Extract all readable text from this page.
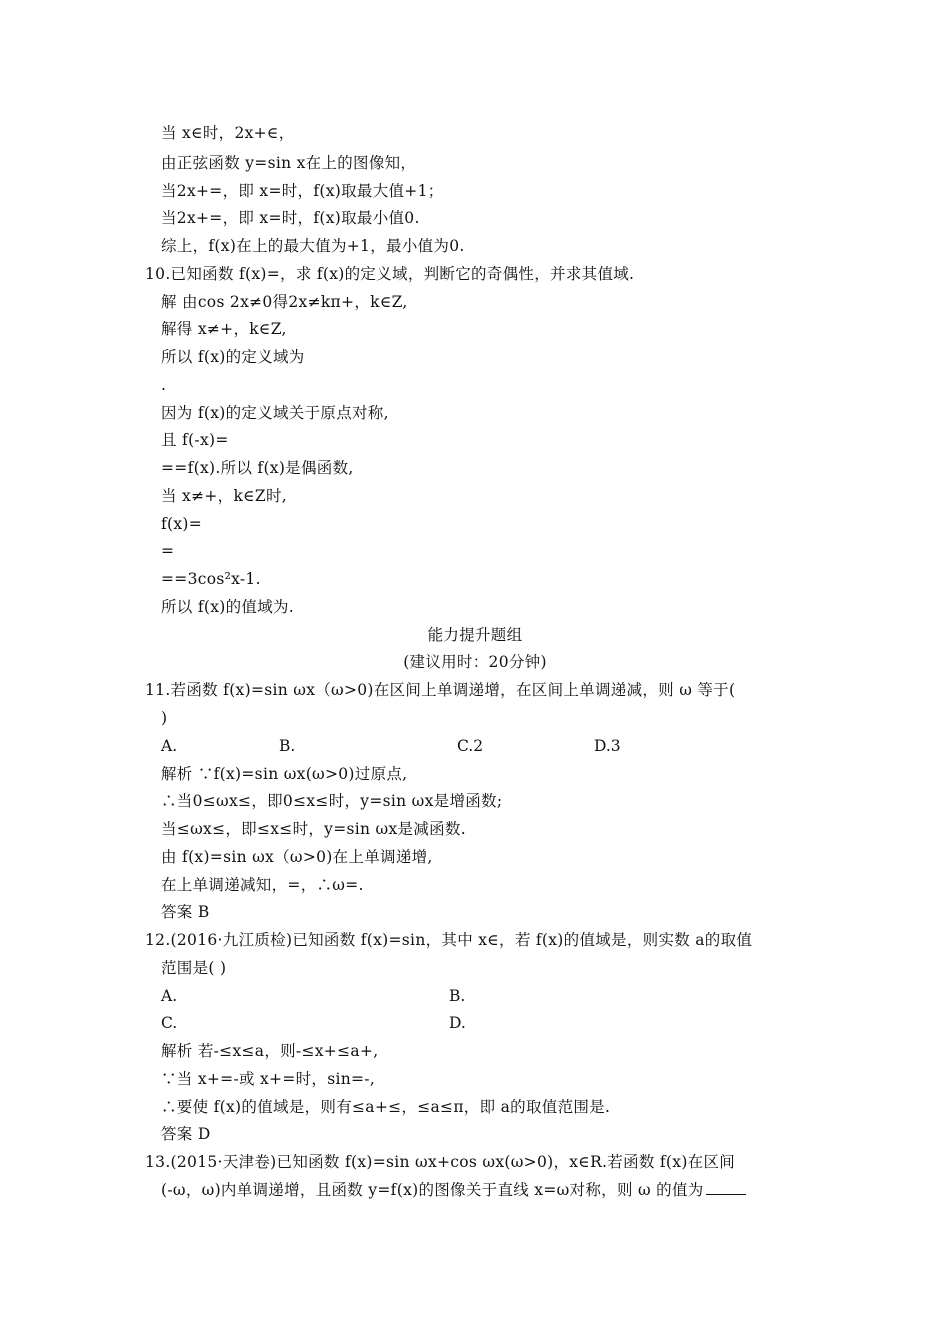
当 x∈时，2x+∈，
由正弦函数 y=sin x在上的图像知，
当2x+=，即 x=时，f(x)取最大值+1；
当2x+=，即 x=时，f(x)取最小值0.
综上，f(x)在上的最大值为+1，最小值为0.
10.已知函数 f(x)=，求 f(x)的定义域，判断它的奇偶性，并求其值域.
解 由cos 2x≠0得2x≠kπ+，k∈Z,
解得 x≠+，k∈Z,
所以 f(x)的定义域为
.
因为 f(x)的定义域关于原点对称,
且 f(-x)=
==f(x).所以 f(x)是偶函数,
当 x≠+，k∈Z时,
f(x)=
=
==3cos²x-1.
所以 f(x)的值域为.
能力提升题组
(建议用时：20分钟)
11.若函数 f(x)=sin ωx（ω>0)在区间上单调递增，在区间上单调递减，则 ω 等于(
)
A.	B.	C.2	D.3
解析 ∵f(x)=sin ωx(ω>0)过原点,
∴当0≤ωx≤，即0≤x≤时，y=sin ωx是增函数;
当≤ωx≤，即≤x≤时，y=sin ωx是减函数.
由 f(x)=sin ωx（ω>0)在上单调递增,
在上单调递减知，=，∴ω=.
答案 B
12.(2016·九江质检)已知函数 f(x)=sin，其中 x∈，若 f(x)的值域是，则实数 a的取值
范围是( )
A.	B.
C.	D.
解析 若-≤x≤a，则-≤x+≤a+,
∵当 x+=-或 x+=时，sin=-,
∴要使 f(x)的值域是，则有≤a+≤，≤a≤π，即 a的取值范围是.
答案 D
13.(2015·天津卷)已知函数 f(x)=sin ωx+cos ωx(ω>0)，x∈R.若函数 f(x)在区间
(-ω，ω)内单调递增，且函数 y=f(x)的图像关于直线 x=ω对称，则 ω 的值为
